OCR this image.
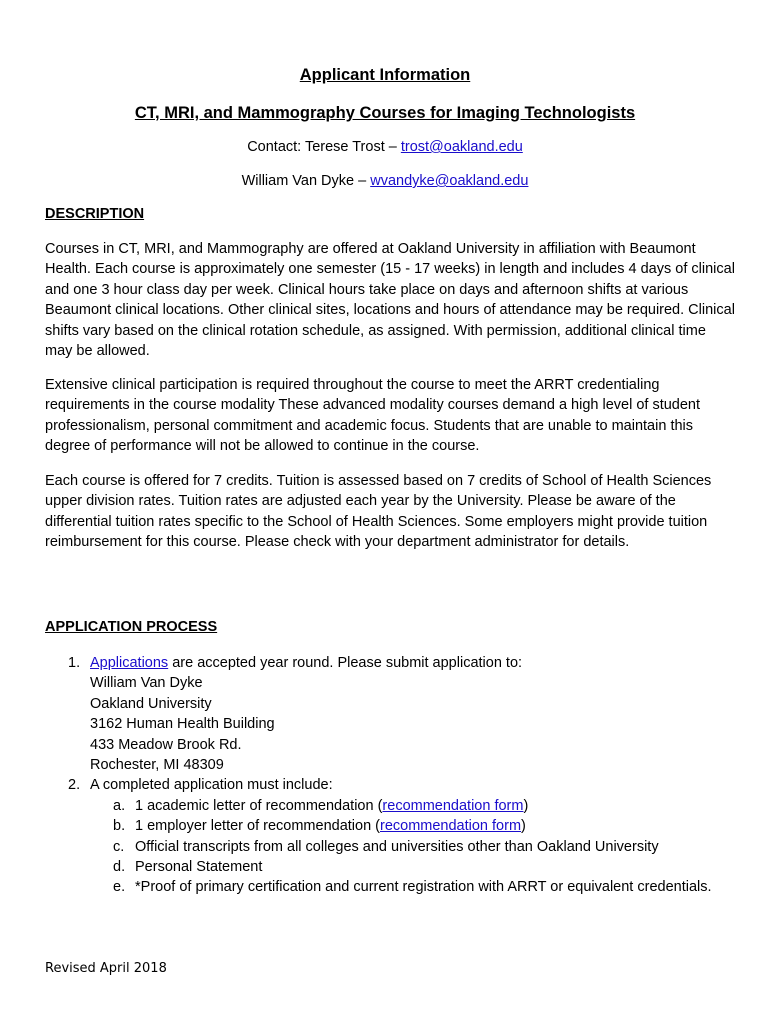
Applicant Information
CT, MRI, and Mammography Courses for Imaging Technologists
Contact: Terese Trost – trost@oakland.edu
William Van Dyke – wvandyke@oakland.edu
DESCRIPTION
Courses in CT, MRI, and Mammography are offered at Oakland University in affiliation with Beaumont Health. Each course is approximately one semester (15 - 17 weeks) in length and includes 4 days of clinical and one 3 hour class day per week. Clinical hours take place on days and afternoon shifts at various Beaumont clinical locations. Other clinical sites, locations and hours of attendance may be required. Clinical shifts vary based on the clinical rotation schedule, as assigned. With permission, additional clinical time may be allowed.
Extensive clinical participation is required throughout the course to meet the ARRT credentialing requirements in the course modality These advanced modality courses demand a high level of student professionalism, personal commitment and academic focus. Students that are unable to maintain this degree of performance will not be allowed to continue in the course.
Each course is offered for 7 credits. Tuition is assessed based on 7 credits of School of Health Sciences upper division rates. Tuition rates are adjusted each year by the University. Please be aware of the differential tuition rates specific to the School of Health Sciences. Some employers might provide tuition reimbursement for this course. Please check with your department administrator for details.
APPLICATION PROCESS
1. Applications are accepted year round. Please submit application to:
William Van Dyke
Oakland University
3162 Human Health Building
433 Meadow Brook Rd.
Rochester, MI 48309
2. A completed application must include:
a. 1 academic letter of recommendation (recommendation form)
b. 1 employer letter of recommendation (recommendation form)
c. Official transcripts from all colleges and universities other than Oakland University
d. Personal Statement
e. *Proof of primary certification and current registration with ARRT or equivalent credentials.
Revised April 2018
